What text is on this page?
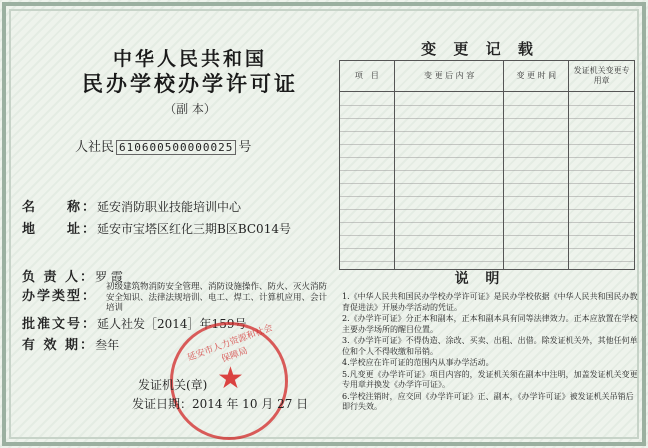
中华人民共和国
民办学校办学许可证
（副 本）
人社民 610600500000025 号
名　　称：延安消防职业技能培训中心
地　　址：延安市宝塔区红化三期B区BC014号
负 责 人：罗 霞
办学类型：
初级建筑物消防安全管理、消防设施操作、防火、灭火消防安全知识、法律法规培训、电工、焊工、计算机应用、会计培训
批准文号：延人社发［2014］年159号
有 效 期：叁年	延安市人力资源和社会保障局
★
发证机关(章)
发证日期：2014 年 10 月 27 日
变 更 记 载
项　目	变 更 后 内 容	变 更 时 间	发证机关变更专用章

说 明
1.《中华人民共和国民办学校办学许可证》是民办学校依据《中华人民共和国民办教育促进法》开展办学活动的凭证。
2.《办学许可证》分正本和副本，正本和副本具有同等法律效力。正本应放置在学校主要办学场所的醒目位置。
3.《办学许可证》不得伪造、涂改、买卖、出租、出借。除发证机关外，其他任何单位和个人不得收缴和吊销。
4.学校应在许可证的范围内从事办学活动。
5.凡变更《办学许可证》项目内容的，发证机关须在副本中注明，加盖发证机关变更专用章并换发《办学许可证》。
6.学校注销时，应交回《办学许可证》正、副本，《办学许可证》被发证机关吊销后即行失效。
